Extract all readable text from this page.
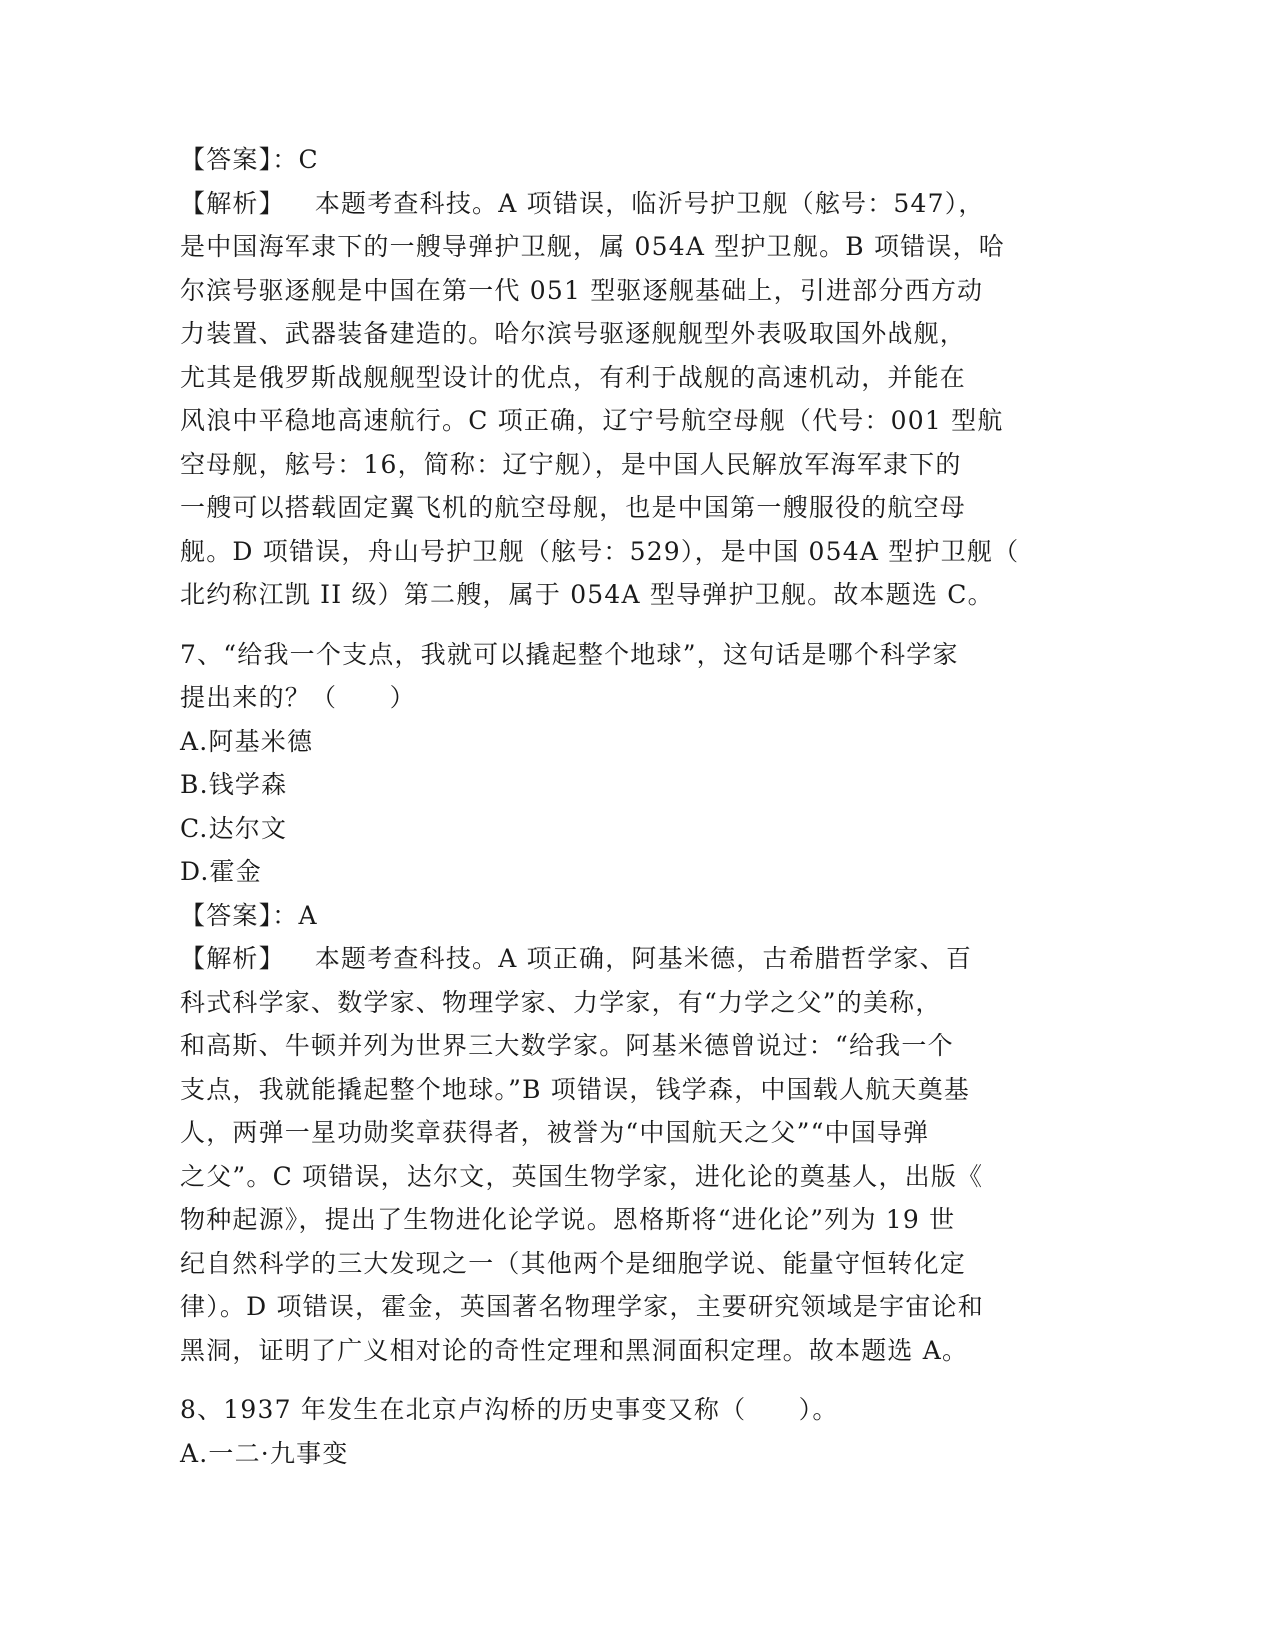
【答案】：C
【解析】 本题考查科技。A 项错误，临沂号护卫舰（舷号：547），
是中国海军隶下的一艘导弹护卫舰，属 054A 型护卫舰。B 项错误，哈
尔滨号驱逐舰是中国在第一代 051 型驱逐舰基础上，引进部分西方动
力装置、武器装备建造的。哈尔滨号驱逐舰舰型外表吸取国外战舰，
尤其是俄罗斯战舰舰型设计的优点，有利于战舰的高速机动，并能在
风浪中平稳地高速航行。C 项正确，辽宁号航空母舰（代号：001 型航
空母舰，舷号：16，简称：辽宁舰），是中国人民解放军海军隶下的
一艘可以搭载固定翼飞机的航空母舰，也是中国第一艘服役的航空母
舰。D 项错误，舟山号护卫舰（舷号：529），是中国 054A 型护卫舰（
北约称江凯 II 级）第二艘，属于 054A 型导弹护卫舰。故本题选 C。
7、“给我一个支点，我就可以撬起整个地球”，这句话是哪个科学家
提出来的？（　　）
A.阿基米德
B.钱学森
C.达尔文
D.霍金
【答案】：A
【解析】 本题考查科技。A 项正确，阿基米德，古希腊哲学家、百
科式科学家、数学家、物理学家、力学家，有“力学之父”的美称，
和高斯、牛顿并列为世界三大数学家。阿基米德曾说过：“给我一个
支点，我就能撬起整个地球。”B 项错误，钱学森，中国载人航天奠基
人，两弹一星功勋奖章获得者，被誉为“中国航天之父”“中国导弹
之父”。C 项错误，达尔文，英国生物学家，进化论的奠基人，出版《
物种起源》，提出了生物进化论学说。恩格斯将“进化论”列为 19 世
纪自然科学的三大发现之一（其他两个是细胞学说、能量守恒转化定
律）。D 项错误，霍金，英国著名物理学家，主要研究领域是宇宙论和
黑洞，证明了广义相对论的奇性定理和黑洞面积定理。故本题选 A。
8、1937 年发生在北京卢沟桥的历史事变又称（　　）。
A.一二·九事变
